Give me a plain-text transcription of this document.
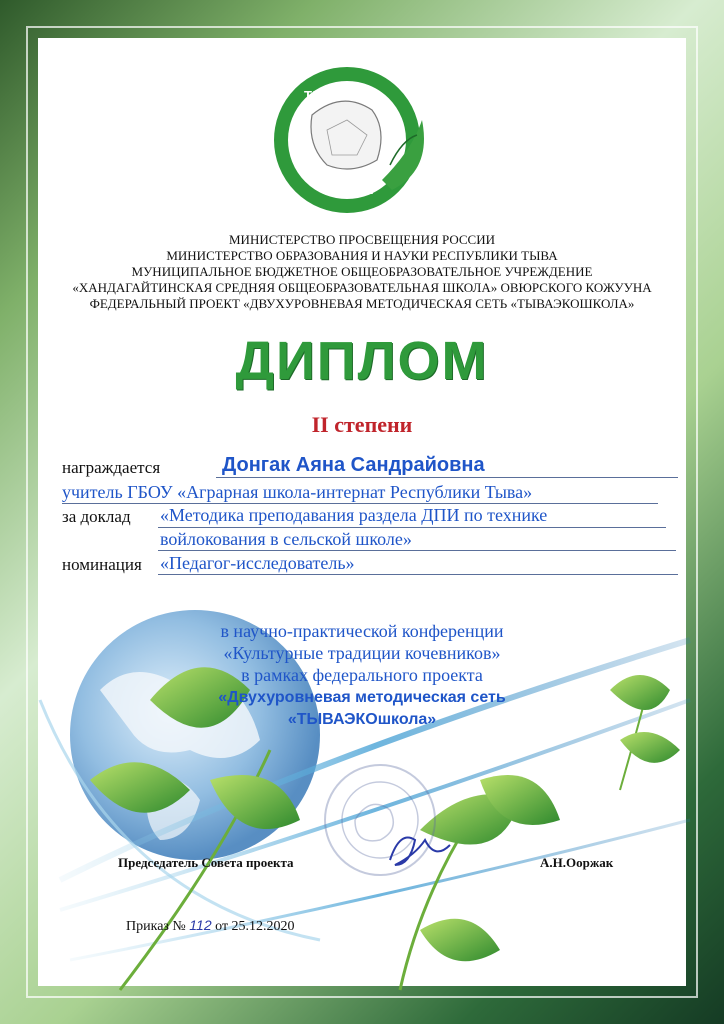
ТЫВАЭКО
ШКОЛА
МИНИСТЕРСТВО ПРОСВЕЩЕНИЯ РОССИИ
МИНИСТЕРСТВО ОБРАЗОВАНИЯ И НАУКИ РЕСПУБЛИКИ ТЫВА
МУНИЦИПАЛЬНОЕ БЮДЖЕТНОЕ ОБЩЕОБРАЗОВАТЕЛЬНОЕ УЧРЕЖДЕНИЕ
«ХАНДАГАЙТИНСКАЯ СРЕДНЯЯ ОБЩЕОБРАЗОВАТЕЛЬНАЯ ШКОЛА» ОВЮРСКОГО КОЖУУНА
ФЕДЕРАЛЬНЫЙ ПРОЕКТ «ДВУХУРОВНЕВАЯ МЕТОДИЧЕСКАЯ СЕТЬ «ТЫВАЭКОШКОЛА»
ДИПЛОМ
II степени
награждается	Донгак Аяна Сандрайовна
учитель ГБОУ «Аграрная школа-интернат Республики Тыва»
за доклад «Методика преподавания раздела ДПИ по технике
войлокования в сельской школе»
номинация «Педагог-исследователь»
в научно-практической конференции
«Культурные традиции кочевников»
в рамках федерального проекта
«Двухуровневая методическая сеть
«ТЫВАЭКОшкола»
Председатель Совета проекта	А.Н.Ооржак
Приказ № 112 от 25.12.2020
